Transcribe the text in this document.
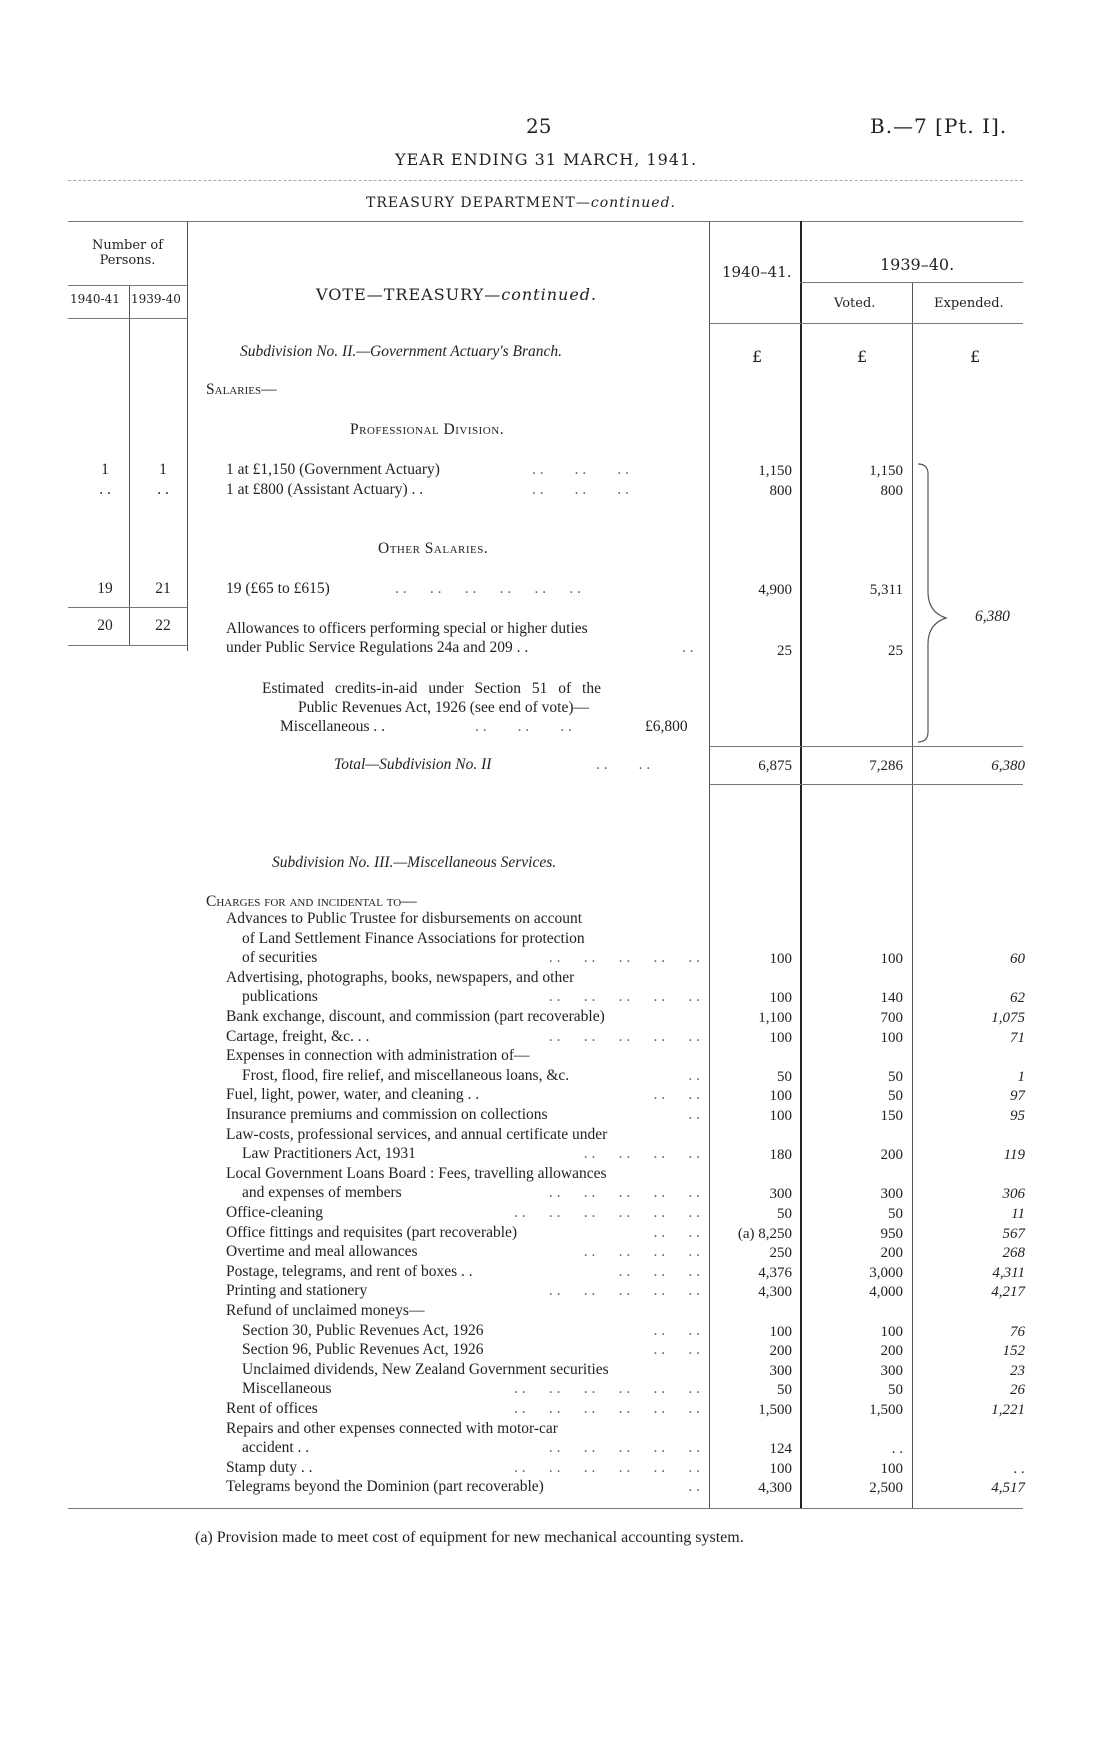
25	B.—7 [Pt. I].
YEAR ENDING 31 MARCH, 1941.
TREASURY DEPARTMENT—continued.
Number of Persons.
1940-41 1939-40	VOTE—TREASURY—continued.
1940–41.	1939–40.
Voted.	Expended.
Subdivision No. II.—Government Actuary's Branch.	£	£	£
Salaries—
Professional Division.
1	1	1 at £1,150 (Government Actuary)	. .        . .        . .	1,150	1,150
. .	. .	1 at £800 (Assistant Actuary) . .	. .        . .        . .	800	800
Other Salaries.
19	21	19 (£65 to £615)	. .      . .      . .      . .      . .      . .	4,900	5,311
20	22	Allowances to officers performing special or higher duties
under Public Service Regulations 24a and 209 . .	. .	25	25
6,380
Estimated credits-in-aid under Section 51 of the
Public Revenues Act, 1926 (see end of vote)—
Miscellaneous . .	. .        . .        . .	£6,800
Total—Subdivision No. II	. .        . .	6,875	7,286	6,380
Subdivision No. III.—Miscellaneous Services.
Charges for and incidental to—
Advances to Public Trustee for disbursements on account
of Land Settlement Finance Associations for protection
of securities	. .      . .      . .      . .      . .	100	100	60
Advertising, photographs, books, newspapers, and other
publications	. .      . .      . .      . .      . .	100	140	62
Bank exchange, discount, and commission (part recoverable)	1,100	700	1,075
Cartage, freight, &c. . .	. .      . .      . .      . .      . .	100	100	71
Expenses in connection with administration of—
Frost, flood, fire relief, and miscellaneous loans, &c.	. .	50	50	1
Fuel, light, power, water, and cleaning . .	. .      . .	100	50	97
Insurance premiums and commission on collections	. .	100	150	95
Law-costs, professional services, and annual certificate under
Law Practitioners Act, 1931	. .      . .      . .      . .	180	200	119
Local Government Loans Board : Fees, travelling allowances
and expenses of members	. .      . .      . .      . .      . .	300	300	306
Office-cleaning	. .      . .      . .      . .      . .      . .	50	50	11
Office fittings and requisites (part recoverable)	. .      . .	(a) 8,250	950	567
Overtime and meal allowances	. .      . .      . .      . .	250	200	268
Postage, telegrams, and rent of boxes . .	. .      . .      . .	4,376	3,000	4,311
Printing and stationery	. .      . .      . .      . .      . .	4,300	4,000	4,217
Refund of unclaimed moneys—
Section 30, Public Revenues Act, 1926	. .      . .	100	100	76
Section 96, Public Revenues Act, 1926	. .      . .	200	200	152
Unclaimed dividends, New Zealand Government securities	300	300	23
Miscellaneous	. .      . .      . .      . .      . .      . .	50	50	26
Rent of offices	. .      . .      . .      . .      . .      . .	1,500	1,500	1,221
Repairs and other expenses connected with motor-car
accident . .	. .      . .      . .      . .      . .	124	. .
Stamp duty . .	. .      . .      . .      . .      . .      . .	100	100	. .
Telegrams beyond the Dominion (part recoverable)	. .	4,300	2,500	4,517
(a) Provision made to meet cost of equipment for new mechanical accounting system.
